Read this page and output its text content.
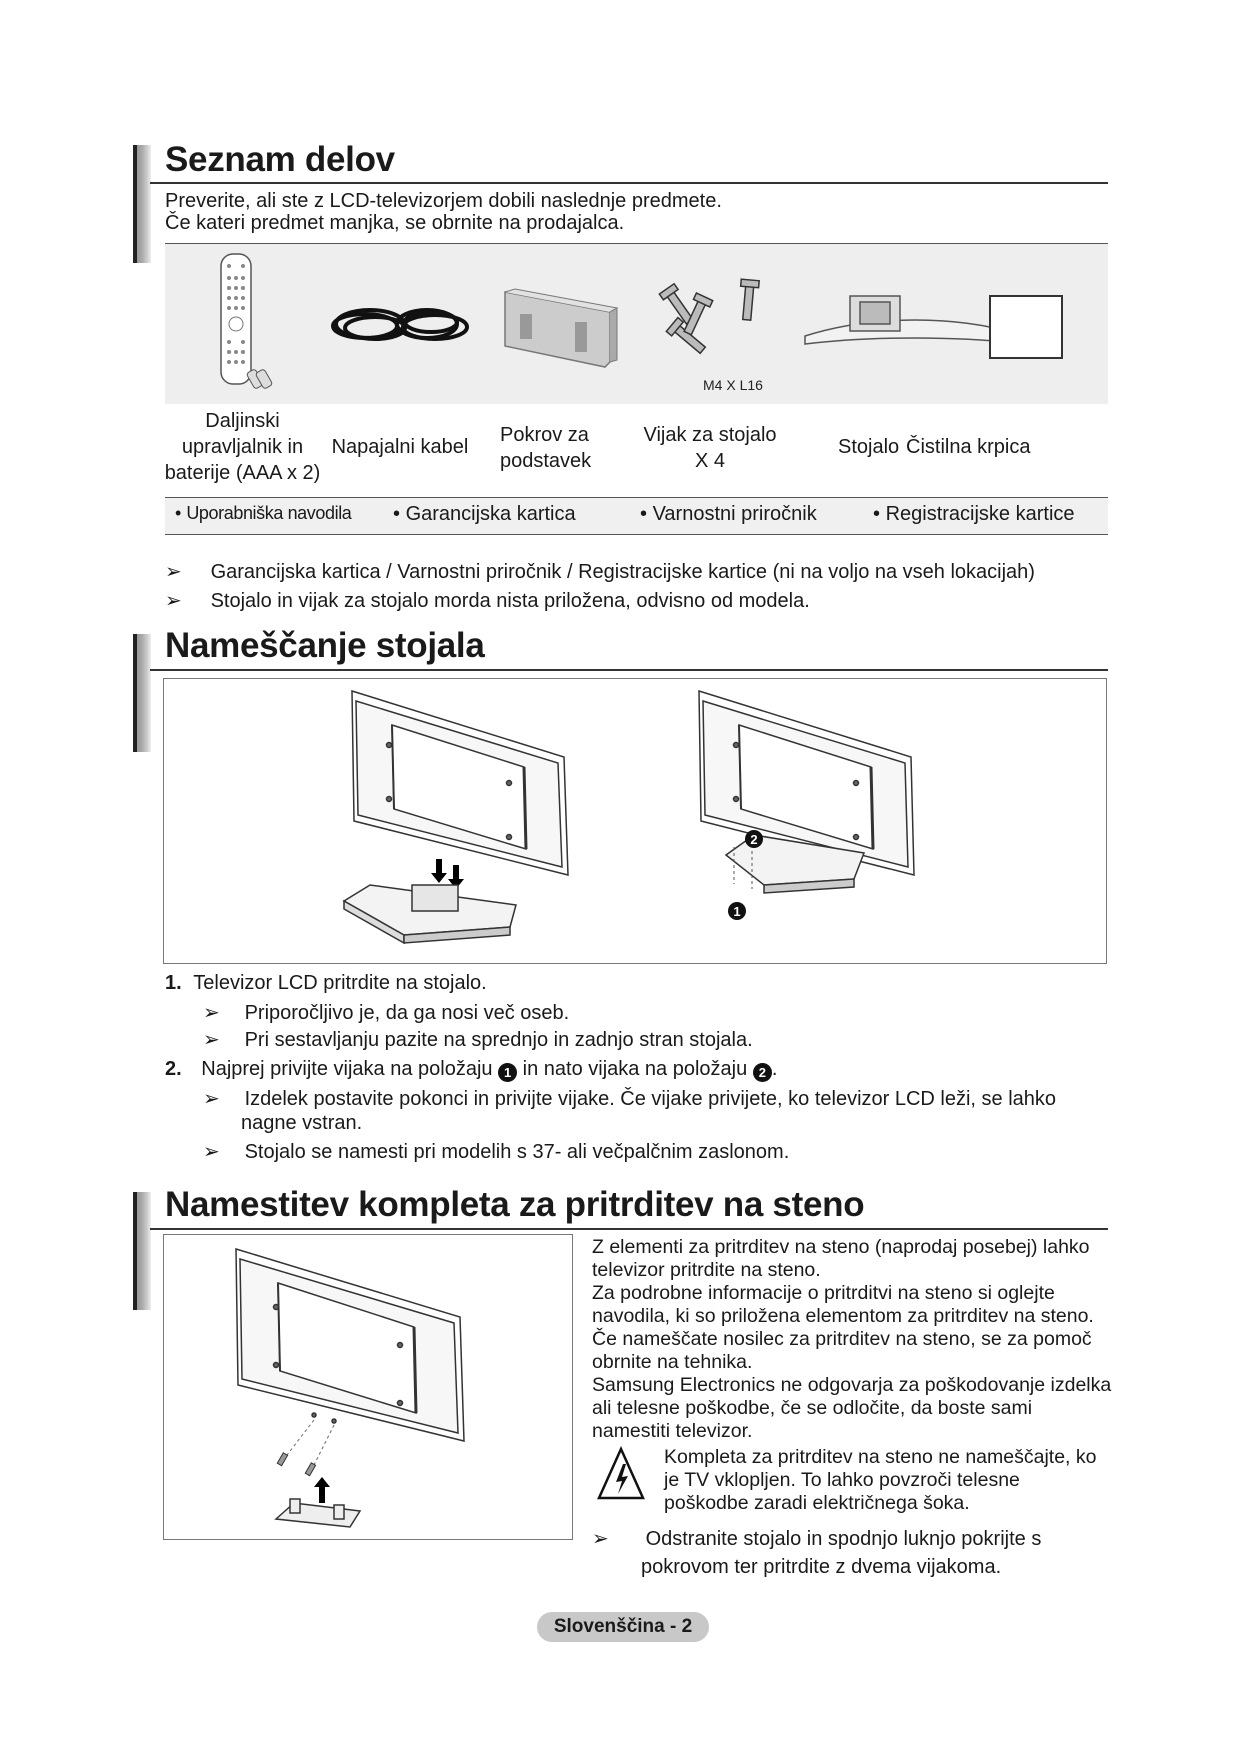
Seznam delov
Preverite, ali ste z LCD-televizorjem dobili naslednje predmete.
Če kateri predmet manjka, se obrnite na prodajalca.
M4 X L16
Daljinski
upravljalnik in
baterije (AAA x 2)
Napajalni kabel
Pokrov za
podstavek
Vijak za stojalo
X 4
Stojalo Čistilna krpica
• Uporabniška navodila • Garancijska kartica	• Varnostni priročnik	• Registracijske kartice
➢ Garancijska kartica / Varnostni priročnik / Registracijske kartice (ni na voljo na vseh lokacijah)
➢ Stojalo in vijak za stojalo morda nista priložena, odvisno od modela.
Nameščanje stojala
2
1
1. Televizor LCD pritrdite na stojalo.
➢ Priporočljivo je, da ga nosi več oseb.
➢ Pri sestavljanju pazite na sprednjo in zadnjo stran stojala.
2. Najprej privijte vijaka na položaju 1 in nato vijaka na položaju 2 .
➢ Izdelek postavite pokonci in privijte vijake. Če vijake privijete, ko televizor LCD leži, se lahko
nagne vstran.
➢ Stojalo se namesti pri modelih s 37- ali večpalčnim zaslonom.
Namestitev kompleta za pritrditev na steno
Z elementi za pritrditev na steno (naprodaj posebej) lahko televizor pritrdite na steno.
Za podrobne informacije o pritrditvi na steno si oglejte navodila, ki so priložena elementom za pritrditev na steno. Če nameščate nosilec za pritrditev na steno, se za pomoč obrnite na tehnika.
Samsung Electronics ne odgovarja za poškodovanje izdelka ali telesne poškodbe, če se odločite, da boste sami namestiti televizor.
Kompleta za pritrditev na steno ne nameščajte, ko je TV vklopljen. To lahko povzroči telesne poškodbe zaradi električnega šoka.
➢ Odstranite stojalo in spodnjo luknjo pokrijte s
pokrovom ter pritrdite z dvema vijakoma.
Slovenščina - 2
